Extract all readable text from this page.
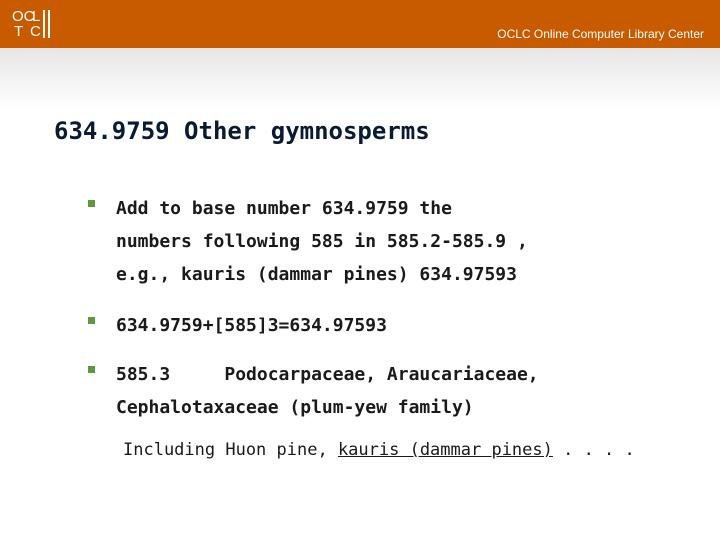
OC
L
T C	OCLC Online Computer Library Center
634.9759 Other gymnosperms
Add to base number 634.9759 the
numbers following 585 in 585.2-585.9 ,
e.g., kauris (dammar pines) 634.97593
634.9759+[585]3=634.97593
585.3     Podocarpaceae, Araucariaceae,
Cephalotaxaceae (plum-yew family)
Including Huon pine, kauris (dammar pines) . . . .
